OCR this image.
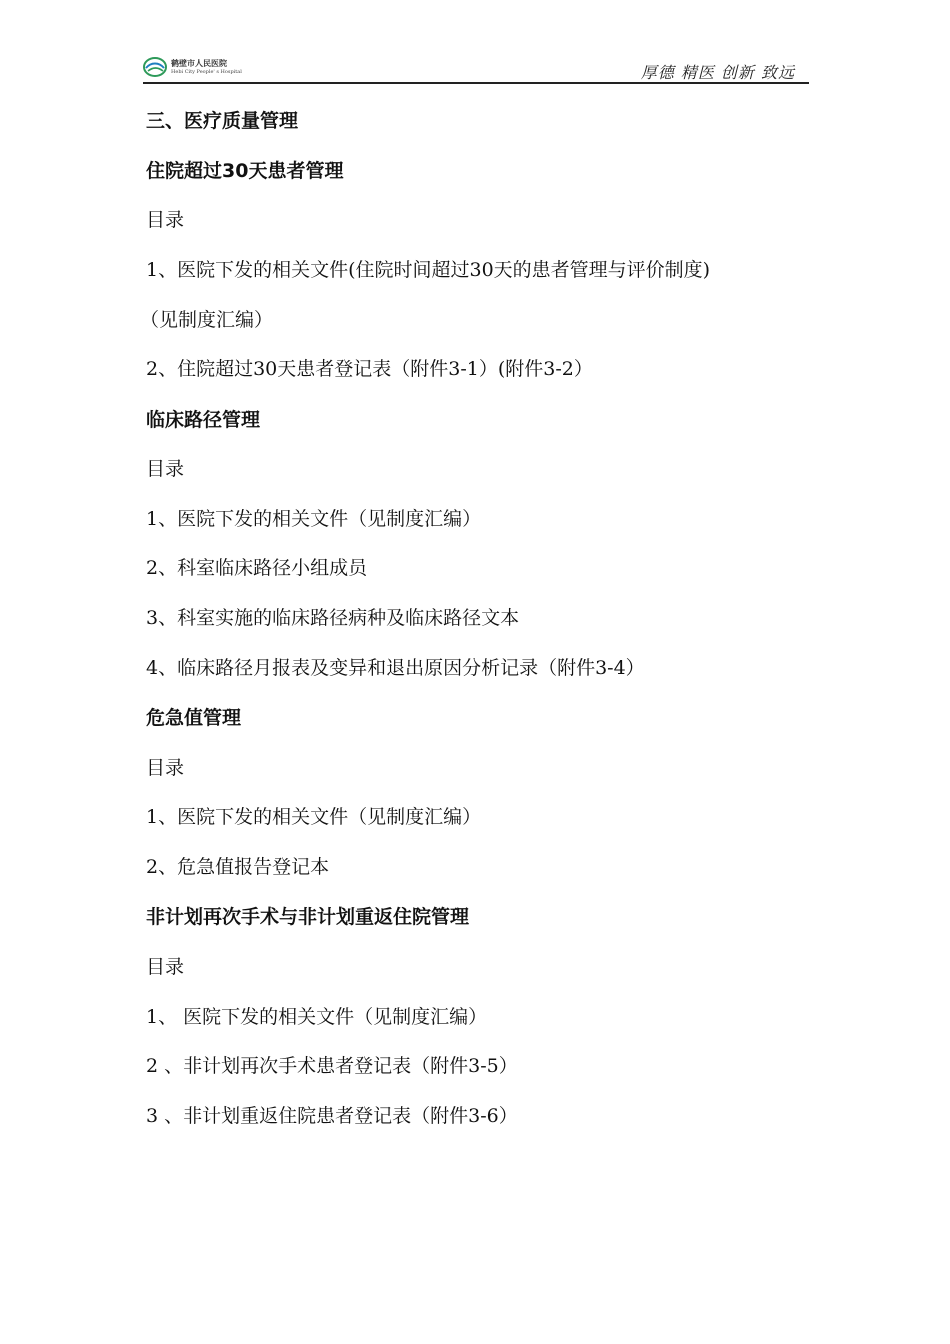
鹤壁市人民医院
Hebi City People' s Hospital	厚德 精医 创新 致远
三、医疗质量管理
住院超过30天患者管理
目录
1、医院下发的相关文件(住院时间超过30天的患者管理与评价制度)
（见制度汇编）
2、住院超过30天患者登记表（附件3-1）(附件3-2）
临床路径管理
目录
1、医院下发的相关文件（见制度汇编）
2、科室临床路径小组成员
3、科室实施的临床路径病种及临床路径文本
4、临床路径月报表及变异和退出原因分析记录（附件3-4）
危急值管理
目录
1、医院下发的相关文件（见制度汇编）
2、危急值报告登记本
非计划再次手术与非计划重返住院管理
目录
1、 医院下发的相关文件（见制度汇编）
2 、非计划再次手术患者登记表（附件3-5）
3 、非计划重返住院患者登记表（附件3-6）
